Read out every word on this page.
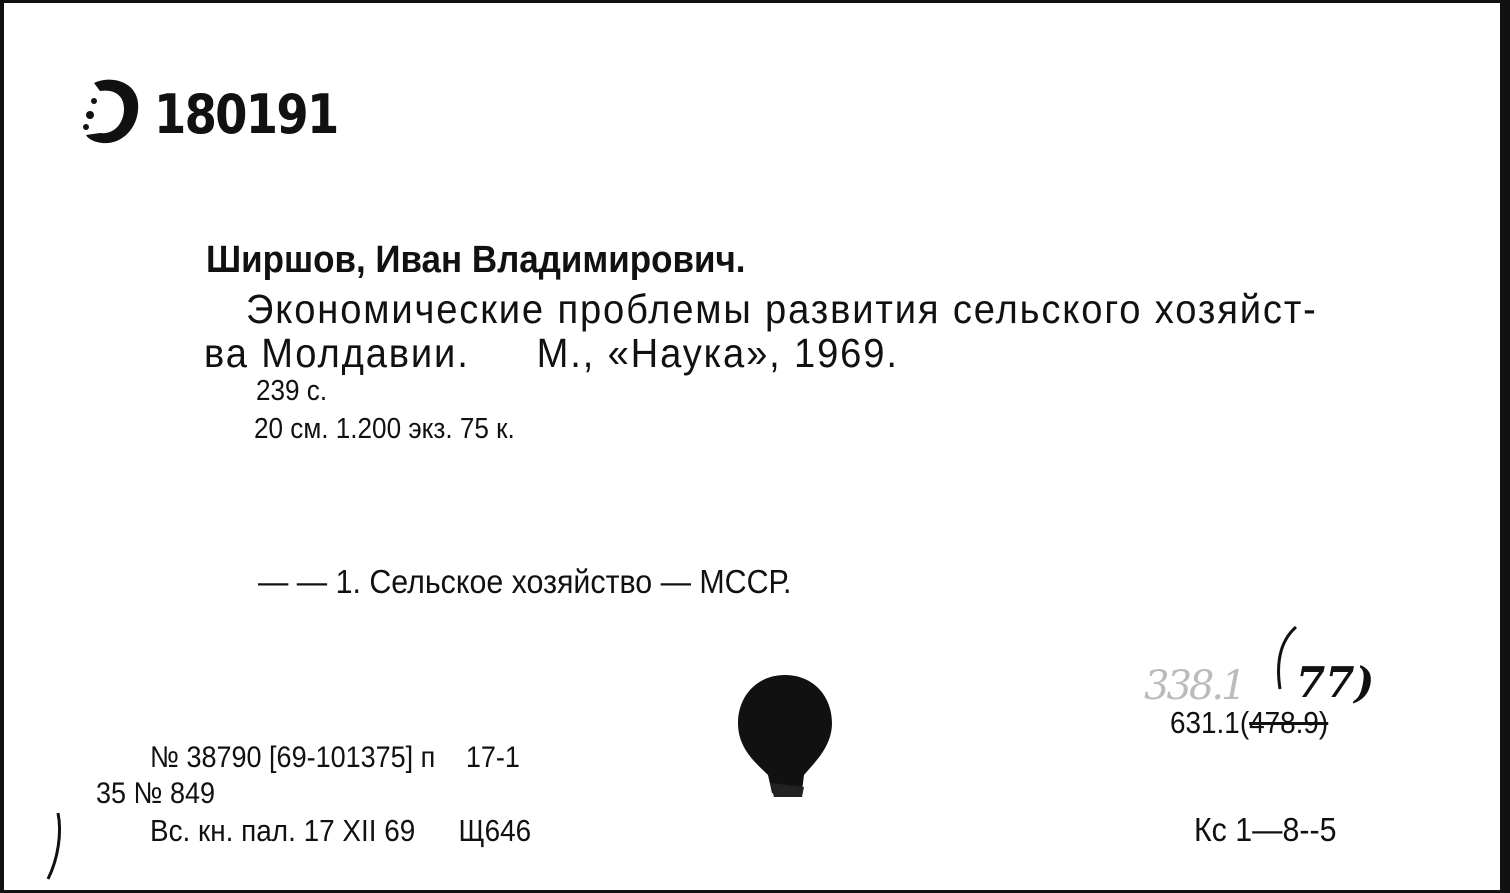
180191
Ширшов, Иван Владимирович.
Экономические проблемы развития сельского хозяйст-
ва Молдавии. М., «Наука», 1969.
239 с.
20 см. 1.200 экз. 75 к.
— — 1. Сельское хозяйство — МССР.
№ 38790 [69-101375] п 17-1
35 № 849
Вс. кн. пал. 17 XII 69 Щ646
338.1 77)
631.1(478.9)
Кс 1—8--5
